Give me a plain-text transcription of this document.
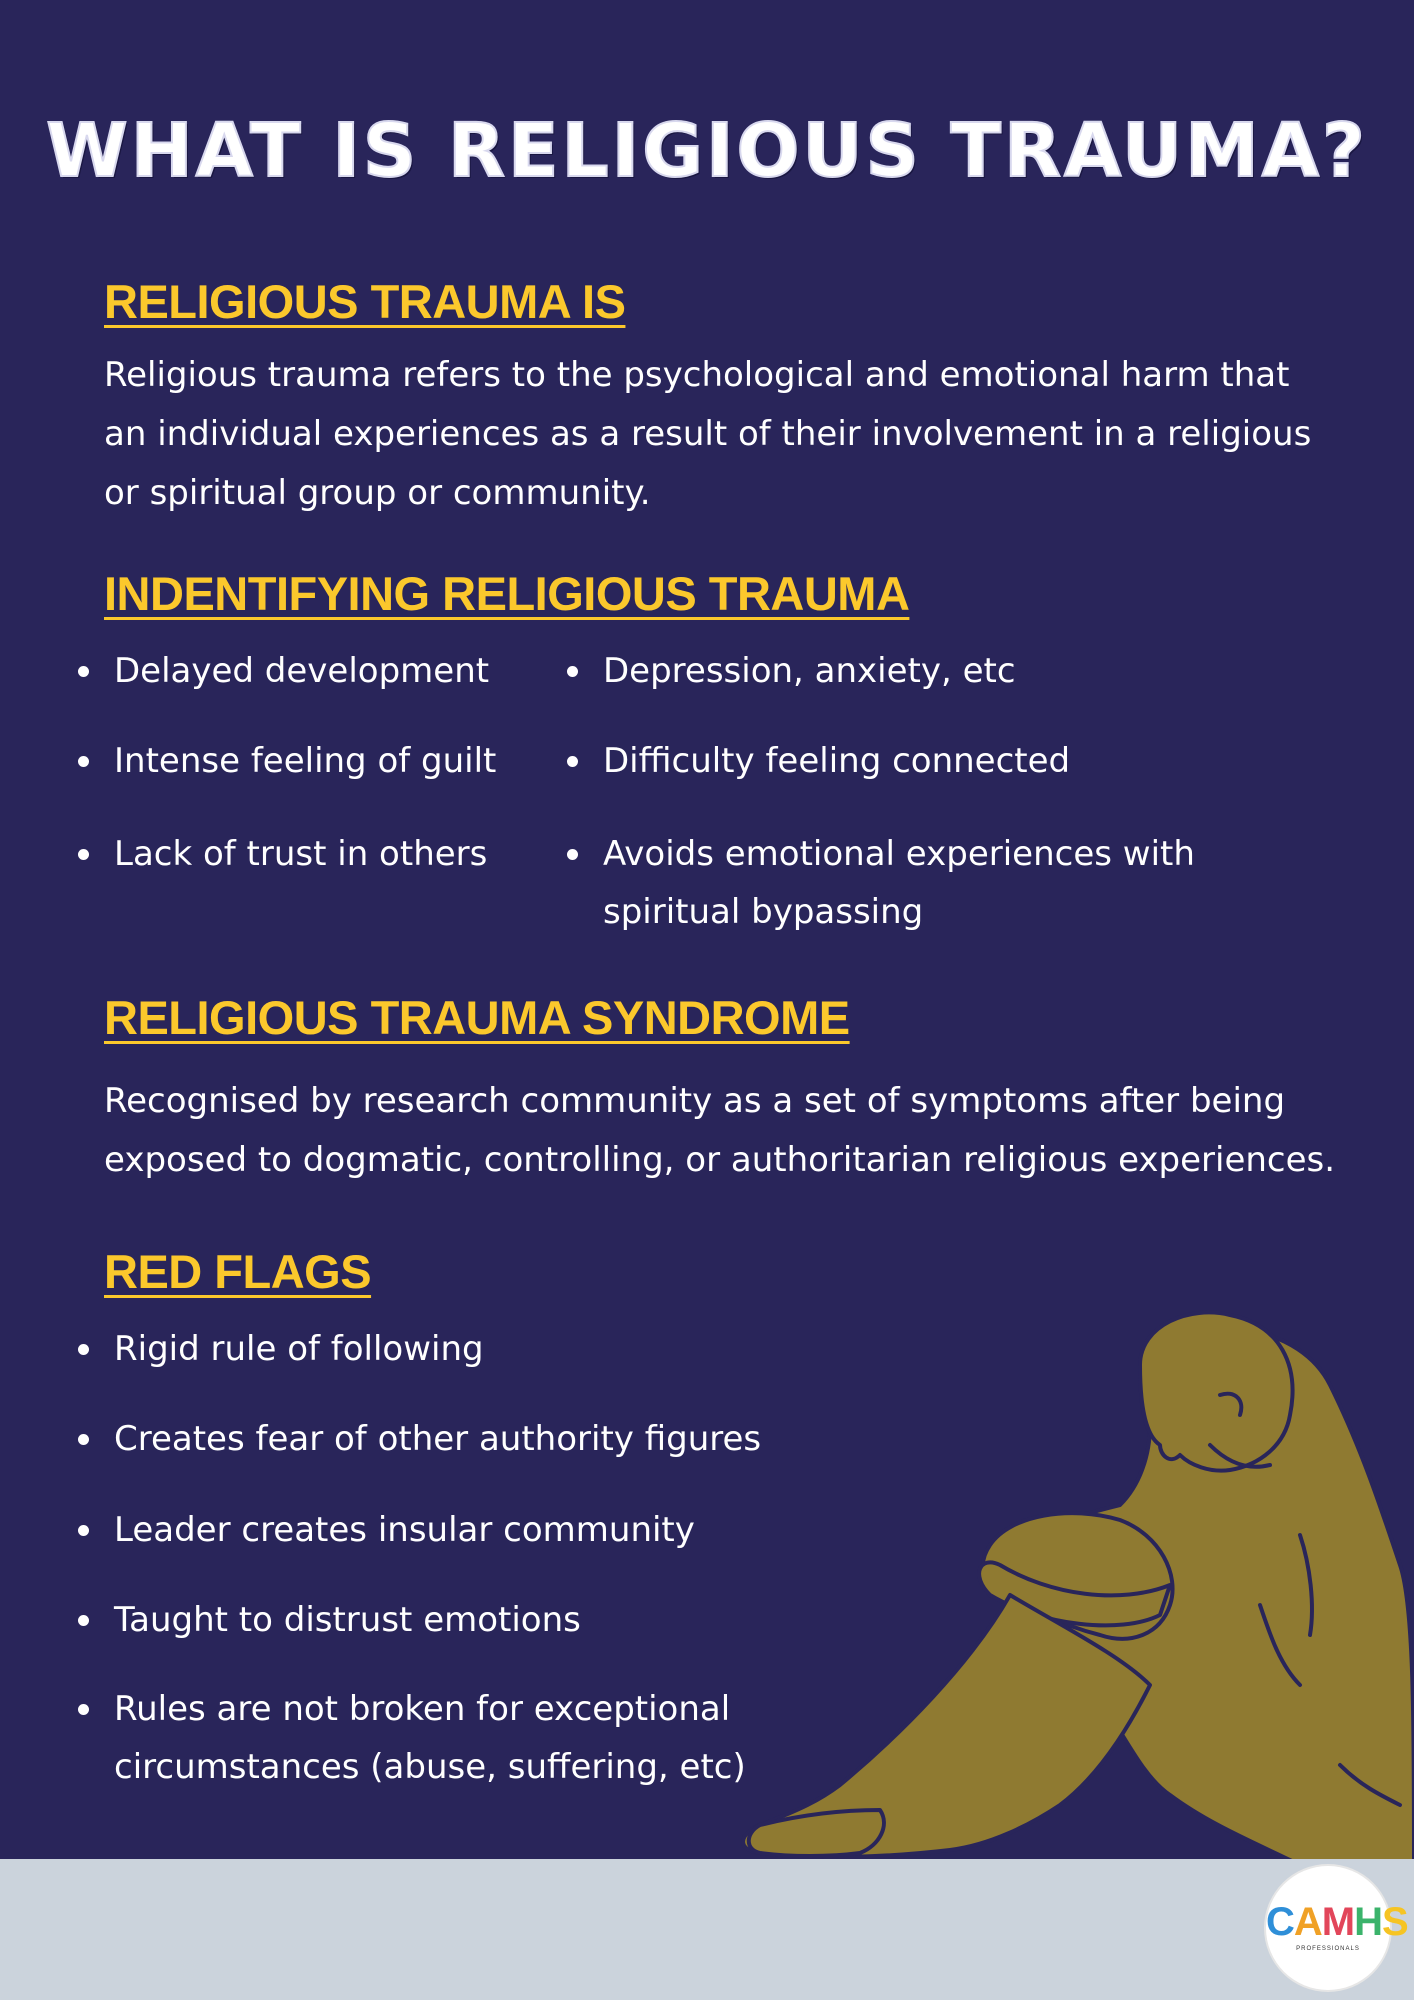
WHAT IS RELIGIOUS TRAUMA?
RELIGIOUS TRAUMA IS
Religious trauma refers to the psychological and emotional harm that
an individual experiences as a result of their involvement in a religious
or spiritual group or community.
INDENTIFYING RELIGIOUS TRAUMA
Delayed development
Intense feeling of guilt
Lack of trust in others
Depression, anxiety, etc
Difficulty feeling connected
Avoids emotional experiences with
spiritual bypassing
RELIGIOUS TRAUMA SYNDROME
Recognised by research community as a set of symptoms after being
exposed to dogmatic, controlling, or authoritarian religious experiences.
RED FLAGS
Rigid rule of following
Creates fear of other authority figures
Leader creates insular community
Taught to distrust emotions
Rules are not broken for exceptional
circumstances (abuse, suffering, etc)
CAMHS
PROFESSIONALS
